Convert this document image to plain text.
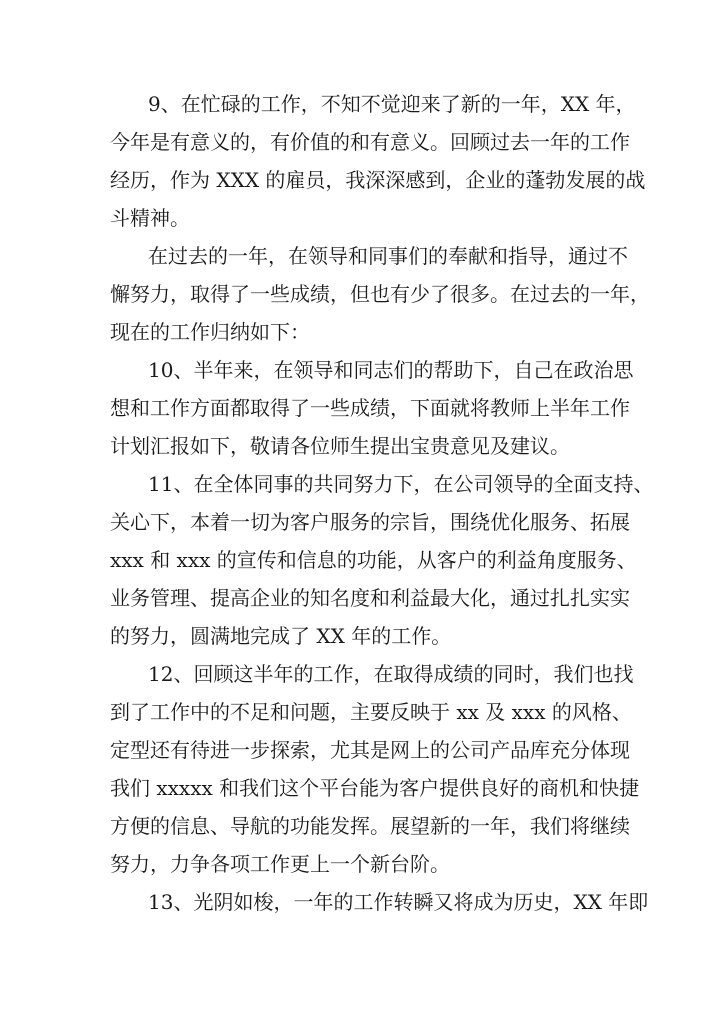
9、在忙碌的工作，不知不觉迎来了新的一年，XX 年，
今年是有意义的，有价值的和有意义。回顾过去一年的工作
经历，作为 XXX 的雇员，我深深感到，企业的蓬勃发展的战
斗精神。
在过去的一年，在领导和同事们的奉献和指导，通过不
懈努力，取得了一些成绩，但也有少了很多。在过去的一年，
现在的工作归纳如下：
10、半年来，在领导和同志们的帮助下，自己在政治思
想和工作方面都取得了一些成绩，下面就将教师上半年工作
计划汇报如下，敬请各位师生提出宝贵意见及建议。
11、在全体同事的共同努力下，在公司领导的全面支持、
关心下，本着一切为客户服务的宗旨，围绕优化服务、拓展
xxx 和 xxx 的宣传和信息的功能，从客户的利益角度服务、
业务管理、提高企业的知名度和利益最大化，通过扎扎实实
的努力，圆满地完成了 XX 年的工作。
12、回顾这半年的工作，在取得成绩的同时，我们也找
到了工作中的不足和问题，主要反映于 xx 及 xxx 的风格、
定型还有待进一步探索，尤其是网上的公司产品库充分体现
我们 xxxxx 和我们这个平台能为客户提供良好的商机和快捷
方便的信息、导航的功能发挥。展望新的一年，我们将继续
努力，力争各项工作更上一个新台阶。
13、光阴如梭，一年的工作转瞬又将成为历史，XX 年即
